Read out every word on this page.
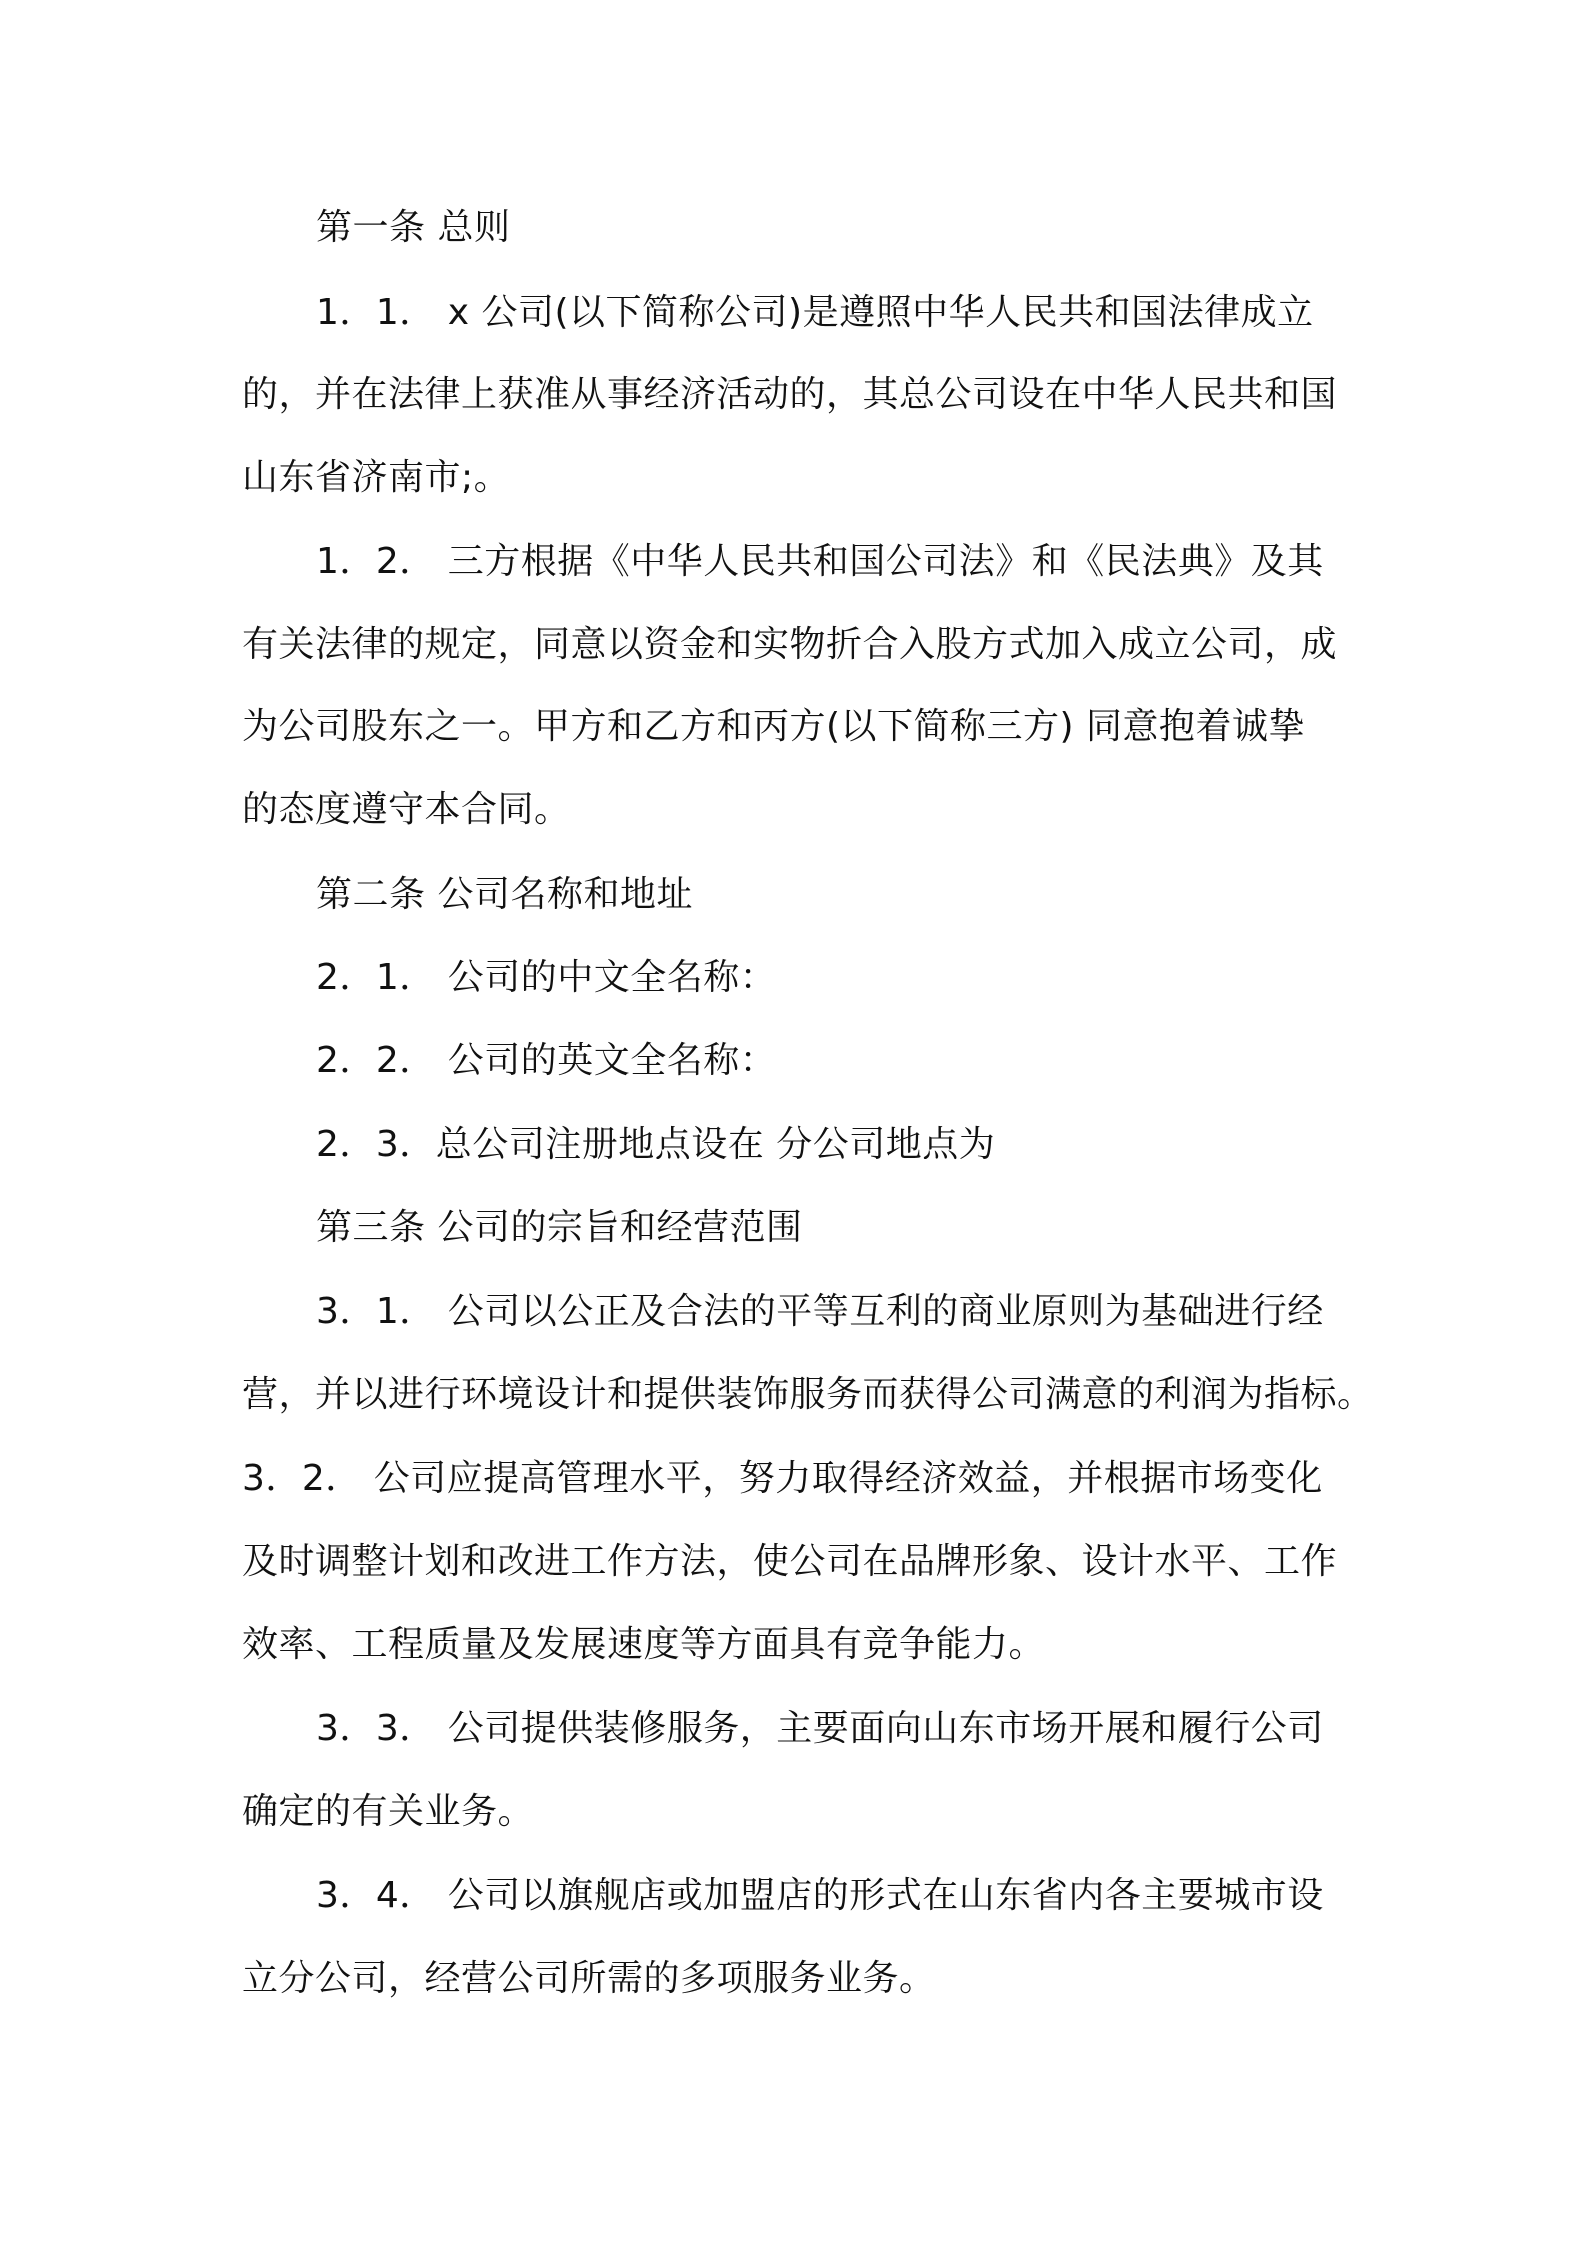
第一条 总则
1．1． x 公司(以下简称公司)是遵照中华人民共和国法律成立
的，并在法律上获准从事经济活动的，其总公司设在中华人民共和国
山东省济南市;。
1．2． 三方根据《中华人民共和国公司法》和《民法典》及其
有关法律的规定，同意以资金和实物折合入股方式加入成立公司，成
为公司股东之一。甲方和乙方和丙方(以下简称三方) 同意抱着诚挚
的态度遵守本合同。
第二条 公司名称和地址
2．1． 公司的中文全名称：
2．2． 公司的英文全名称：
2．3．总公司注册地点设在 分公司地点为
第三条 公司的宗旨和经营范围
3．1． 公司以公正及合法的平等互利的商业原则为基础进行经
营，并以进行环境设计和提供装饰服务而获得公司满意的利润为指标。
3．2． 公司应提高管理水平，努力取得经济效益，并根据市场变化
及时调整计划和改进工作方法，使公司在品牌形象、设计水平、工作
效率、工程质量及发展速度等方面具有竞争能力。
3．3． 公司提供装修服务，主要面向山东市场开展和履行公司
确定的有关业务。
3．4． 公司以旗舰店或加盟店的形式在山东省内各主要城市设
立分公司，经营公司所需的多项服务业务。
